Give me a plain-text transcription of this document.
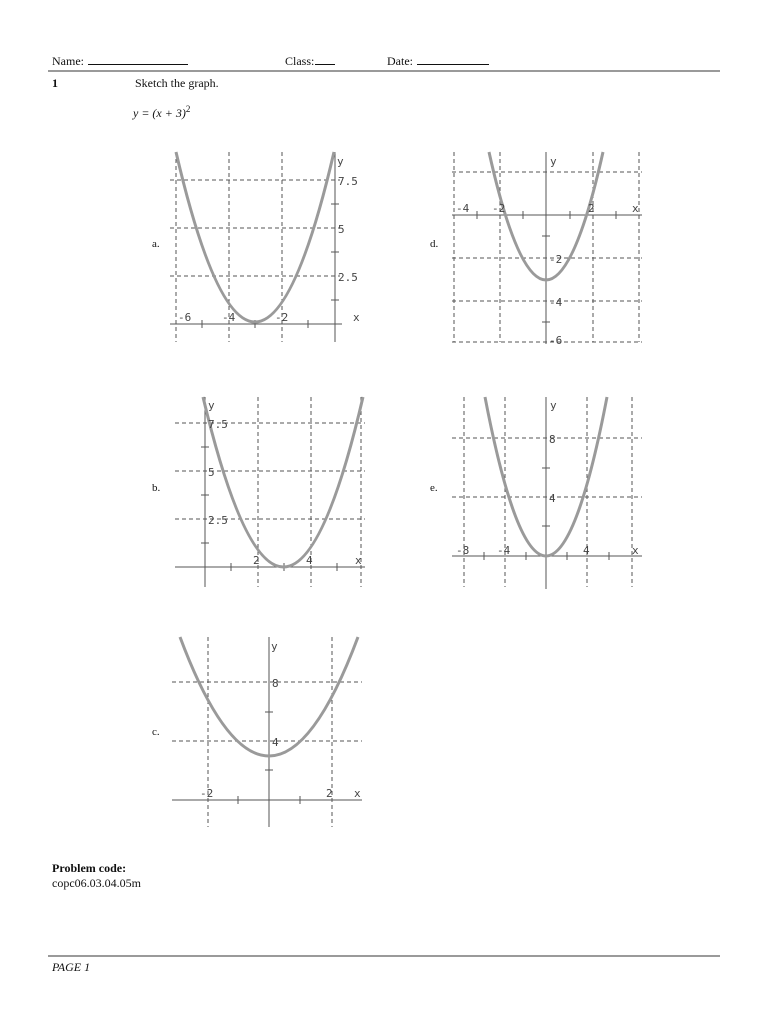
Name:	Class:	Date:
1	Sketch the graph.
$y = (x + 3)^2$
a.
b.
c.
d.
e.
-6	-4	-2
2.5
5
7.5
y
x
2	4
2.5
5
7.5
y
x
-2	2
4
8
y
x
-4 -2	2
-2
-4
-6
y
x
-8	-4	4
4
8
y
x
Problem code:
copc06.03.04.05m
PAGE 1
